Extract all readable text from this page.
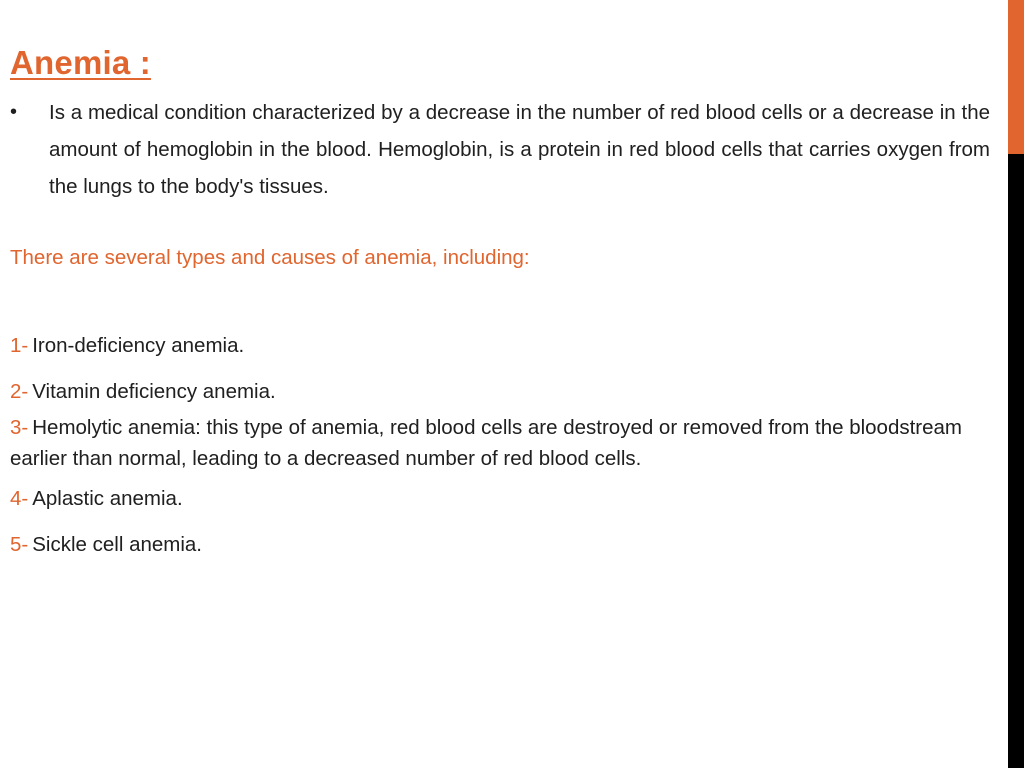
Anemia :
• Is a medical condition characterized by a decrease in the number of red blood cells or a decrease in the amount of hemoglobin in the blood. Hemoglobin, is a protein in red blood cells that carries oxygen from the lungs to the body's tissues.
There are several types and causes of anemia, including:
1- Iron-deficiency anemia.
2- Vitamin deficiency anemia.
3- Hemolytic anemia: this type of anemia, red blood cells are destroyed or removed from the bloodstream earlier than normal, leading to a decreased number of red blood cells.
4- Aplastic anemia.
5- Sickle cell anemia.
